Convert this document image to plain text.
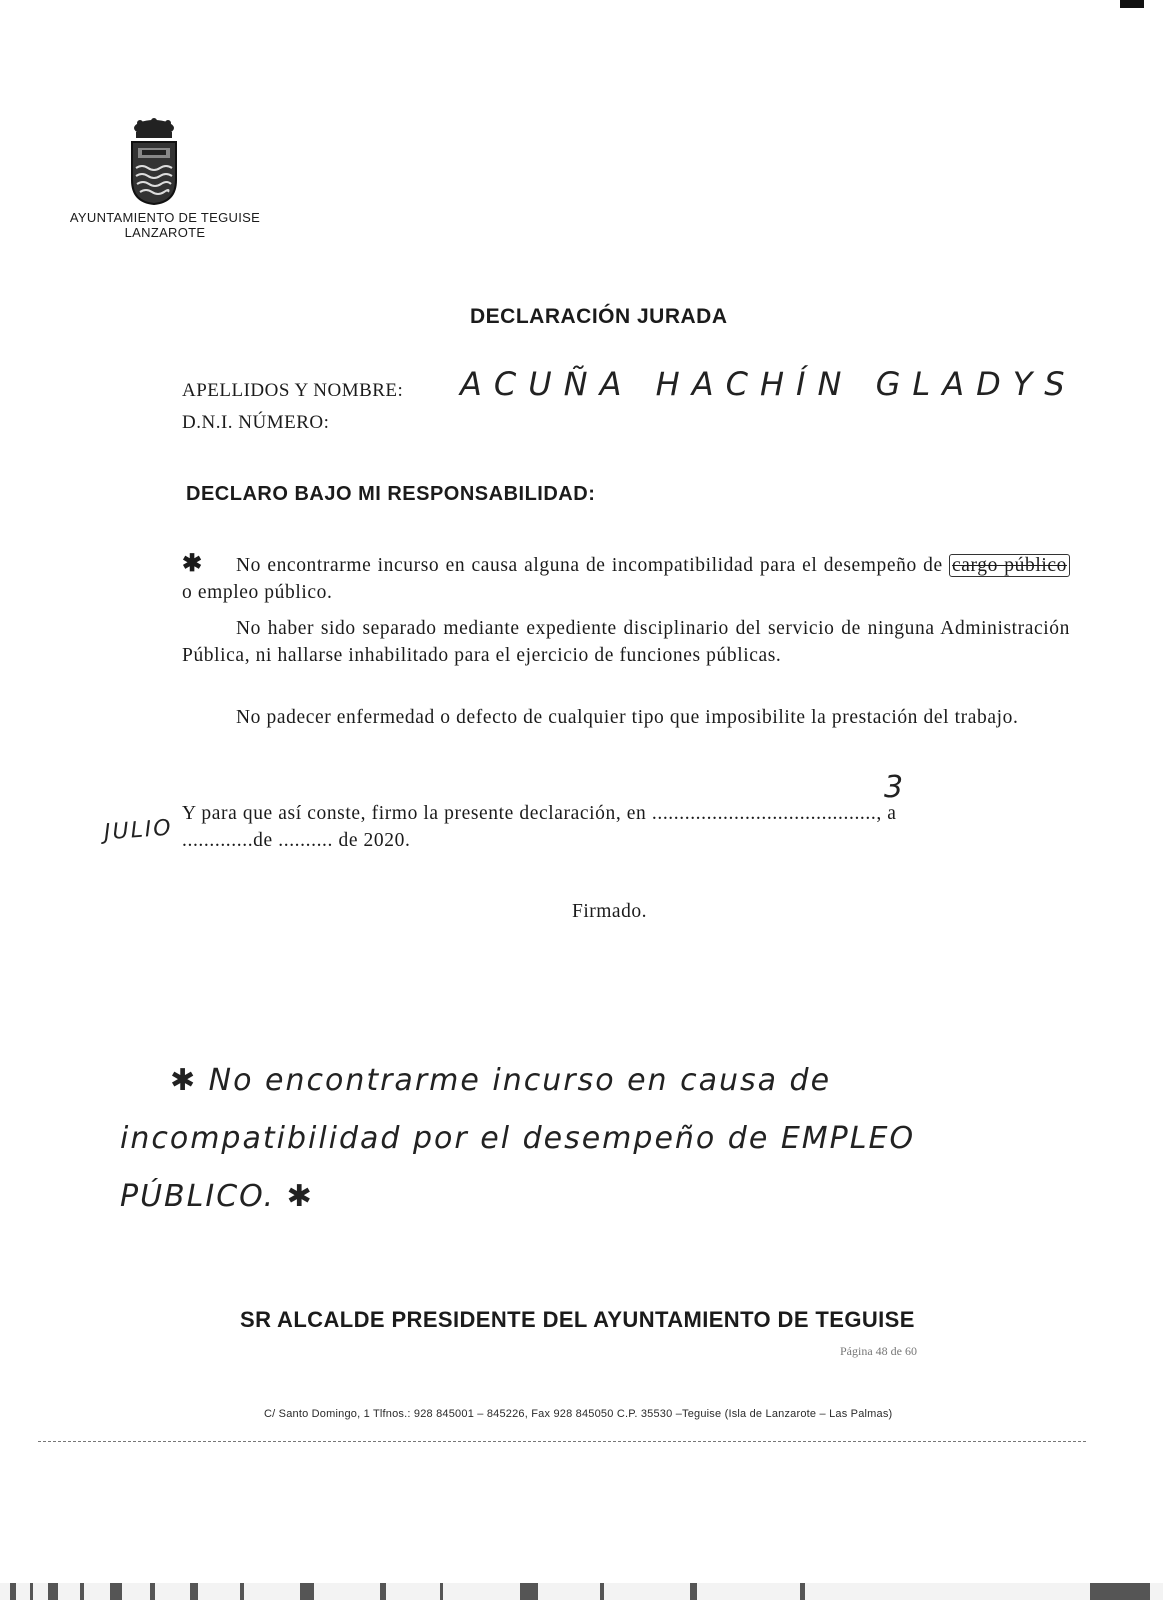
AYUNTAMIENTO DE TEGUISE
LANZAROTE
DECLARACIÓN JURADA
APELLIDOS Y NOMBRE: ACUÑA HACHÍN GLADYS
D.N.I. NÚMERO:
DECLARO BAJO MI RESPONSABILIDAD:
✱ No encontrarme incurso en causa alguna de incompatibilidad para el desempeño de cargo público o empleo público.
No haber sido separado mediante expediente disciplinario del servicio de ninguna Administración Pública, ni hallarse inhabilitado para el ejercicio de funciones públicas.
No padecer enfermedad o defecto de cualquier tipo que imposibilite la prestación del trabajo.
Y para que así conste, firmo la presente declaración, en ........................................., a
.............de .......... de 2020.
3
JULIO
Firmado.
✱ No encontrarme incurso en causa de
incompatibilidad por el desempeño de EMPLEO
PÚBLICO. ✱
SR ALCALDE PRESIDENTE DEL AYUNTAMIENTO DE TEGUISE
Página 48 de 60
C/ Santo Domingo, 1 Tlfnos.: 928 845001 – 845226, Fax 928 845050 C.P. 35530 –Teguise (Isla de Lanzarote – Las Palmas)
